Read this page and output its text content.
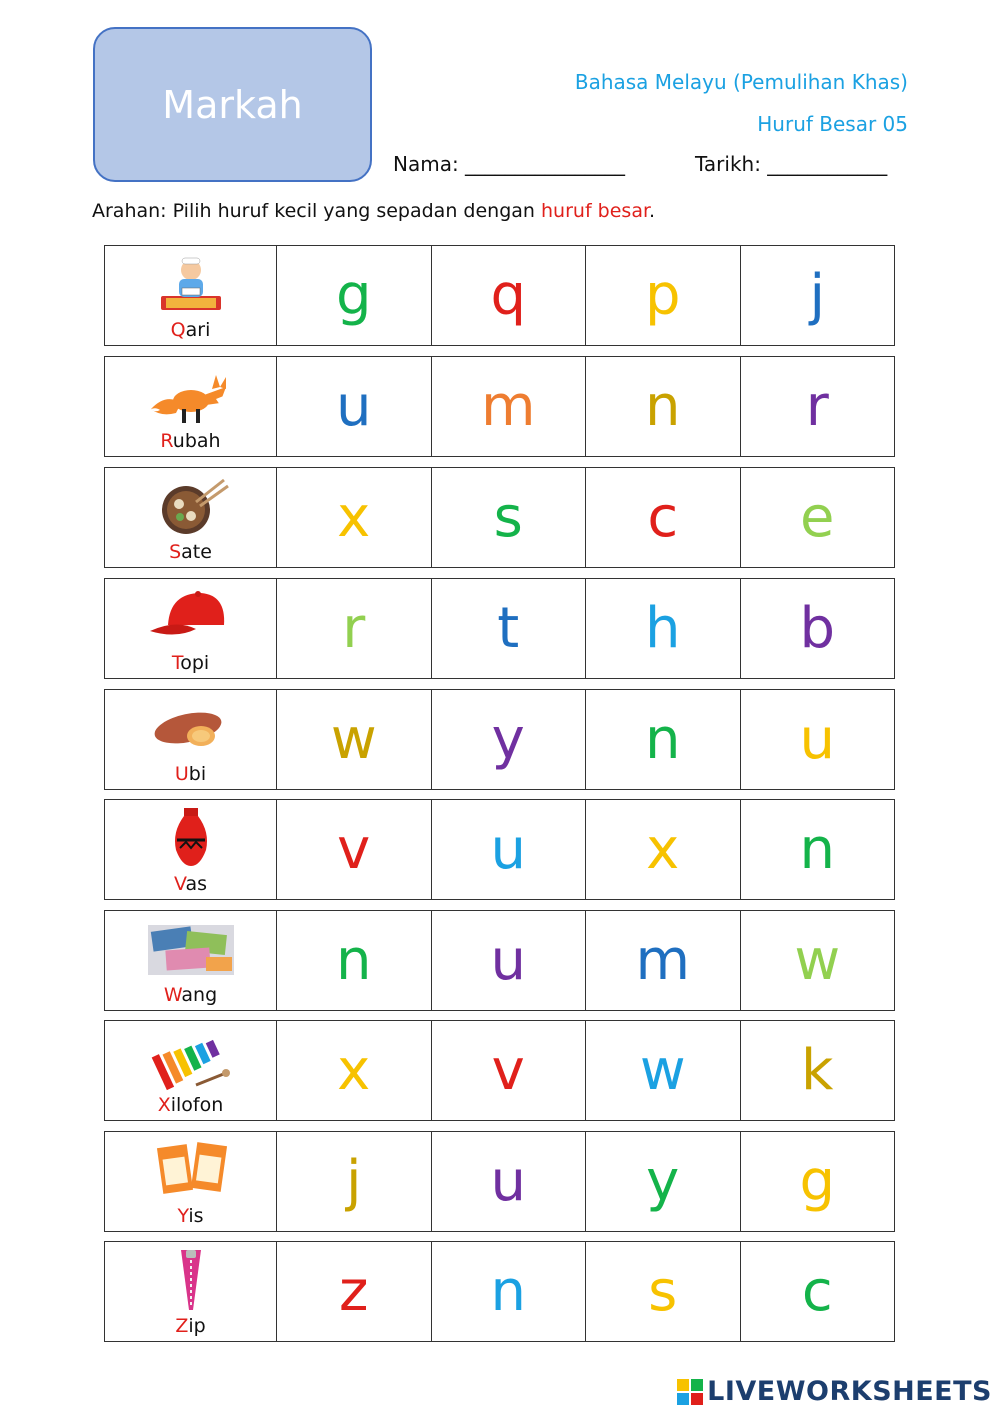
Markah
Bahasa Melayu (Pemulihan Khas)
Huruf Besar 05
Nama: ________________	Tarikh: ____________
Arahan: Pilih huruf kecil yang sepadan dengan huruf besar.
Qari
g	q	p	j
Rubah
u	m	n	r
Sate
x	s	c	e
Topi
r	t	h	b
Ubi
w	y	n	u
Vas
v	u	x	n
Wang
n	u	m	w
Xilofon
x	v	w	k
Yis
j	u	y	g
Zip
z	n	s	c
LIVEWORKSHEETS
